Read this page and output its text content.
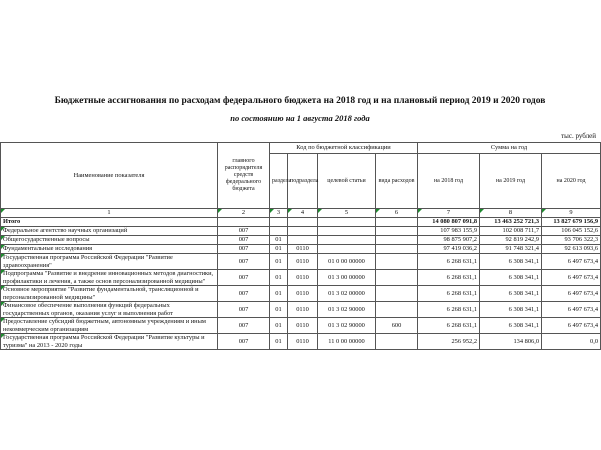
Бюджетные ассигнования по расходам федерального бюджета на 2018 год и на плановый период 2019 и 2020 годов
по состоянию на 1 августа 2018 года
тыс. рублей
Наименование показателя	главного распорядителя средств федерального бюджета	Код по бюджетной классификации				Сумма на год		
		раздела	подраздела	целевой статьи	вида расходов	на 2018 год	на 2019 год	на 2020 год
1	2	3	4	5	6	7	8	9
Итого						14 080 807 091,8	13 463 252 721,3	13 827 679 156,9
Федеральное агентство научных организаций	007					107 983 155,9	102 008 711,7	106 045 152,6
Общегосударственные вопросы	007	01				98 875 907,2	92 819 242,9	93 706 322,3
Фундаментальные исследования	007	01	0110			97 419 036,2	91 748 321,4	92 613 093,6
Государственная программа Российской Федерации "Развитие здравоохранения"	007	01	0110	01 0 00 00000		6 268 631,1	6 308 341,1	6 497 673,4
Подпрограмма "Развитие и внедрение инновационных методов диагностики, профилактики и лечения, а также основ персонализированной медицины"	007	01	0110	01 3 00 00000		6 268 631,1	6 308 341,1	6 497 673,4
Основное мероприятие "Развитие фундаментальной, трансляционной и персонализированной медицины"	007	01	0110	01 3 02 00000		6 268 631,1	6 308 341,1	6 497 673,4
Финансовое обеспечение выполнения функций федеральных государственных органов, оказания услуг и выполнения работ	007	01	0110	01 3 02 90000		6 268 631,1	6 308 341,1	6 497 673,4
Предоставление субсидий бюджетным, автономным учреждениям и иным некоммерческим организациям	007	01	0110	01 3 02 90000	600	6 268 631,1	6 308 341,1	6 497 673,4
Государственная программа Российской Федерации "Развитие культуры и туризма" на 2013 - 2020 годы	007	01	0110	11 0 00 00000		256 952,2	134 806,0	0,0
